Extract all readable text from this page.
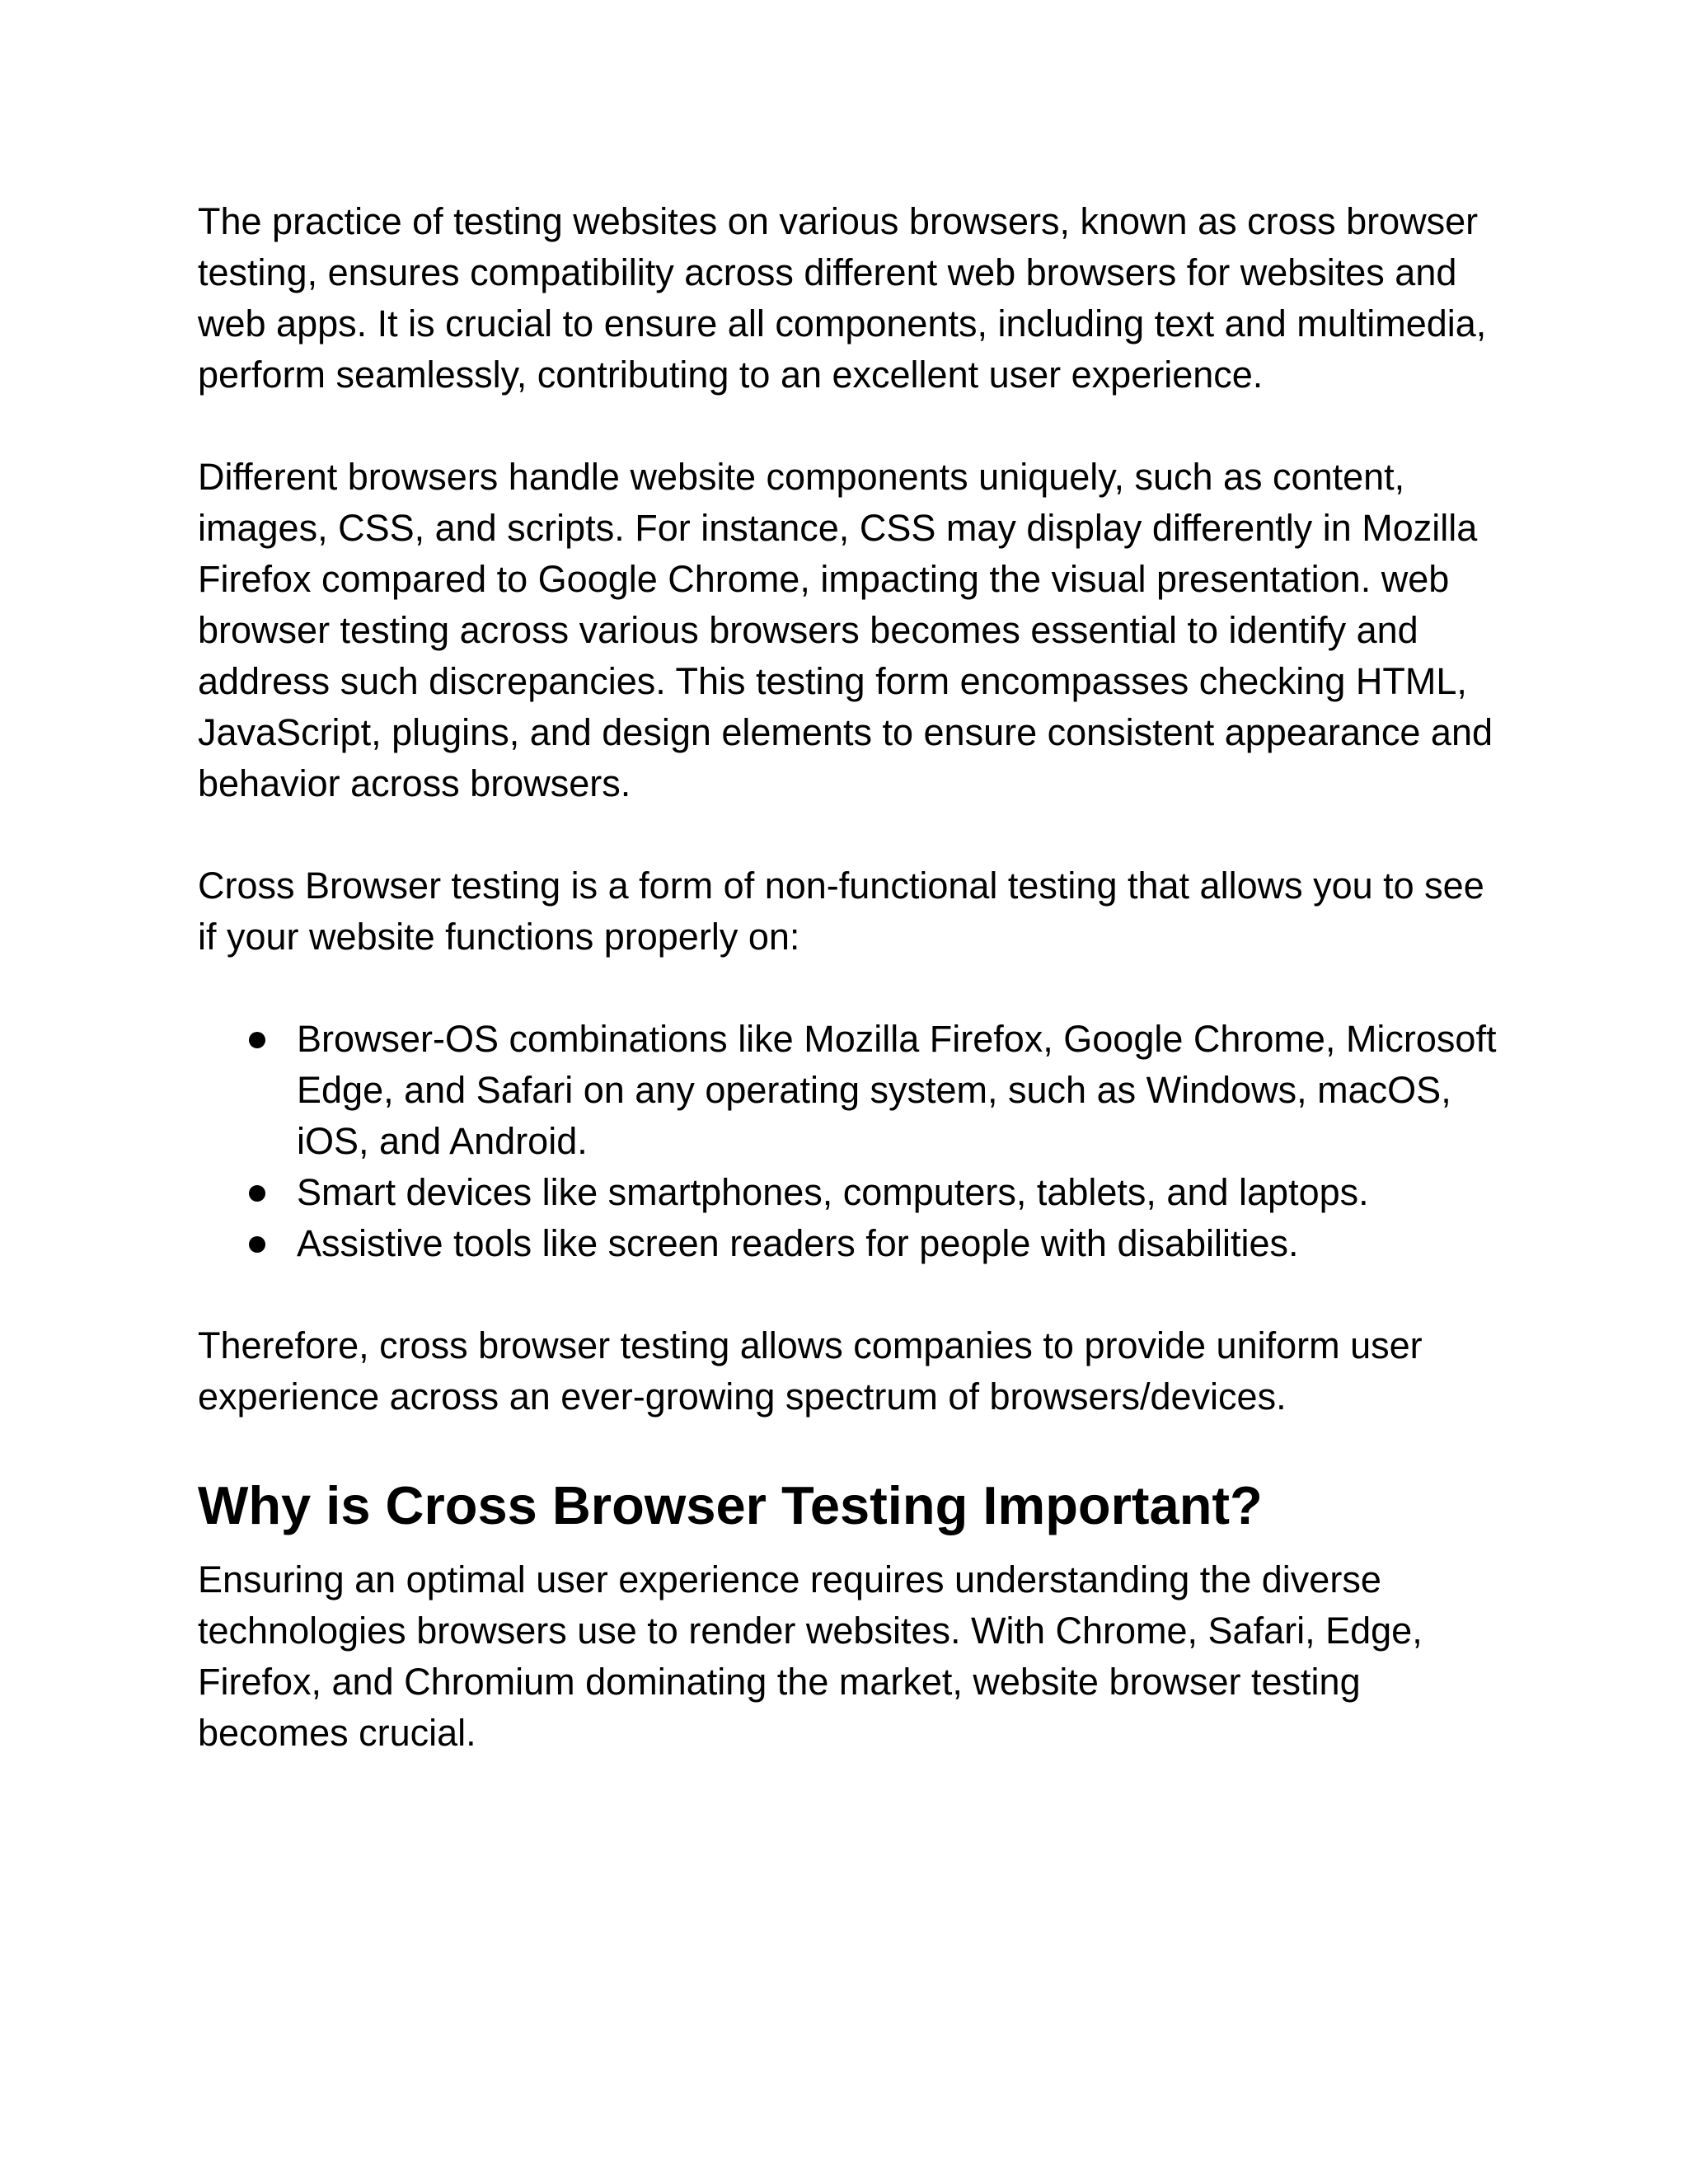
The practice of testing websites on various browsers, known as cross browser testing, ensures compatibility across different web browsers for websites and web apps. It is crucial to ensure all components, including text and multimedia, perform seamlessly, contributing to an excellent user experience.

Different browsers handle website components uniquely, such as content, images, CSS, and scripts. For instance, CSS may display differently in Mozilla Firefox compared to Google Chrome, impacting the visual presentation. web browser testing across various browsers becomes essential to identify and address such discrepancies. This testing form encompasses checking HTML, JavaScript, plugins, and design elements to ensure consistent appearance and behavior across browsers.

Cross Browser testing is a form of non-functional testing that allows you to see if your website functions properly on:

Browser-OS combinations like Mozilla Firefox, Google Chrome, Microsoft Edge, and Safari on any operating system, such as Windows, macOS, iOS, and Android.
Smart devices like smartphones, computers, tablets, and laptops.
Assistive tools like screen readers for people with disabilities.

Therefore, cross browser testing allows companies to provide uniform user experience across an ever-growing spectrum of browsers/devices.

Why is Cross Browser Testing Important?

Ensuring an optimal user experience requires understanding the diverse technologies browsers use to render websites. With Chrome, Safari, Edge, Firefox, and Chromium dominating the market, website browser testing becomes crucial.
